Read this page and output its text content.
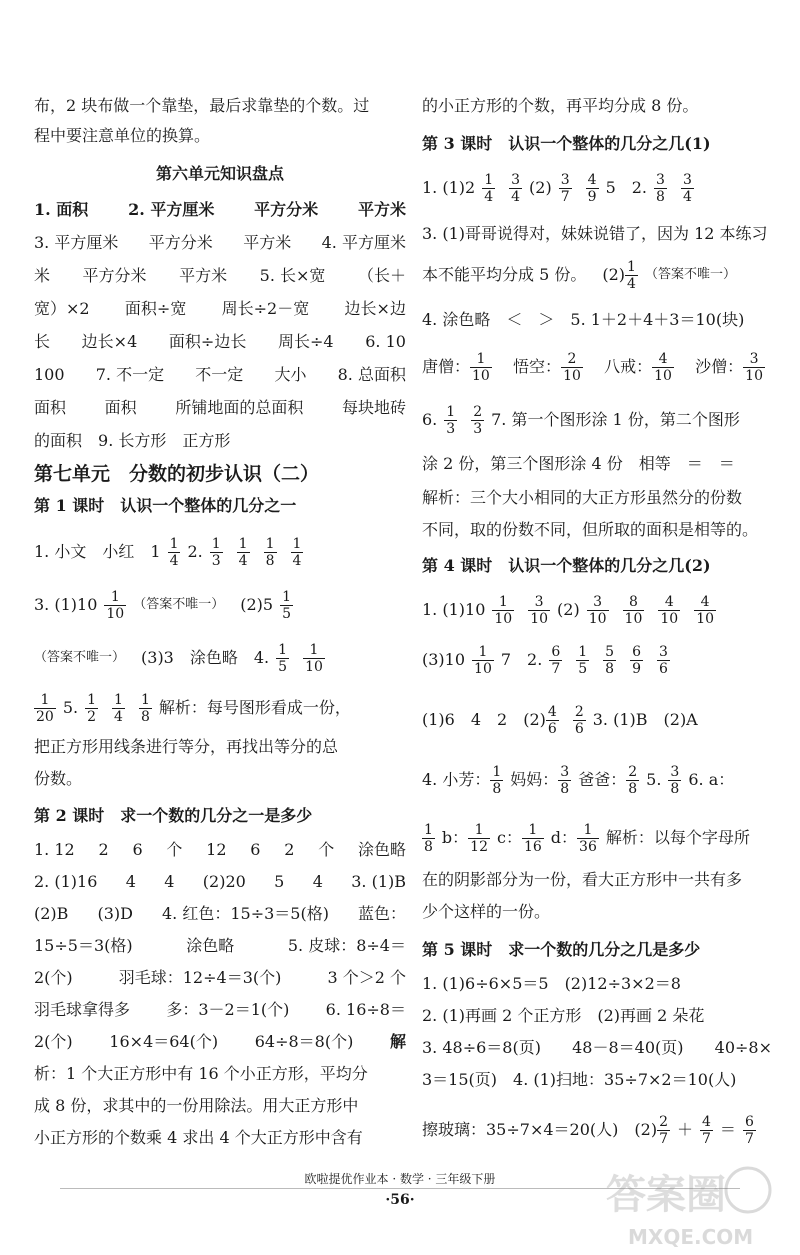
布，2 块布做一个靠垫，最后求靠垫的个数。过
程中要注意单位的换算。
第六单元知识盘点
1. 面积 2. 平方厘米 平方分米 平方米
3. 平方厘米 平方分米 平方米 4. 平方厘米
米 平方分米 平方米 5. 长×宽 （长＋
宽）×2 面积÷宽 周长÷2－宽 边长×边
长 边长×4 面积÷边长 周长÷4 6. 10
100 7. 不一定 不一定 大小 8. 总面积
面积 面积 所铺地面的总面积 每块地砖
的面积 9. 长方形 正方形
第七单元　分数的初步认识（二）
第 1 课时　认识一个整体的几分之一
1. 小文 小红 1 1
4 2. 1
3
1
4
1
8
1
4
3. (1)10 1
10
（答案不唯一） (2)5 1
5
（答案不唯一） (3)3 涂色略 4. 1
5
1
10
1
20 5. 1
2
1
4
1
8 解析：每号图形看成一份，
把正方形用线条进行等分，再找出等分的总
份数。
第 2 课时　求一个数的几分之一是多少
1. 12 2 6 个 12 6 2 个 涂色略
2. (1)16 4 4 (2)20 5 4 3. (1)B
(2)B (3)D 4. 红色：15÷3＝5(格) 蓝色：
15÷5＝3(格)	涂色略	5. 皮球：8÷4＝
2(个)	羽毛球：12÷4＝3(个)	3 个＞2 个
羽毛球拿得多 多：3－2＝1(个) 6. 16÷8＝
2(个) 16×4＝64(个) 64÷8＝8(个) 解
析：1 个大正方形中有 16 个小正方形，平均分
成 8 份，求其中的一份用除法。用大正方形中
小正方形的个数乘 4 求出 4 个大正方形中含有
的小正方形的个数，再平均分成 8 份。
第 3 课时　认识一个整体的几分之几(1)
1. (1)2 1
4
3
4 (2) 3
7
4
9 5 2. 3
8
3
4
3. (1)哥哥说得对，妹妹说错了，因为 12 本练习
本不能平均分成 5 份。 (2) 1
4
（答案不唯一）
4. 涂色略 ＜ ＞ 5. 1＋2＋4＋3＝10(块)
唐僧： $\frac{1}{10}$ 悟空： $\frac{2}{10}$ 八戒： $\frac{4}{10}$ 沙僧： $\frac{3}{10}$
6. 1
3
2
3 7. 第一个图形涂 1 份，第二个图形
涂 2 份，第三个图形涂 4 份 相等 ＝ ＝
解析：三个大小相同的大正方形虽然分的份数
不同，取的份数不同，但所取的面积是相等的。
第 4 课时　认识一个整体的几分之几(2)
1. (1)10 1
10
3
10 (2) 3
10
8
10
4
10
4
10
(3)10 1
10 7 2. 6
7
1
5
5
8
6
9
3
6
(1)6 4 2 (2) 4
6
2
6 3. (1)B (2)A
4. 小芳： 1
8 妈妈： 3
8 爸爸： 2
8 5. 3
8 6. a：
1
8 b： 1
12 c： 1
16 d： 1
36 解析：以每个字母所
在的阴影部分为一份，看大正方形中一共有多
少个这样的一份。
第 5 课时　求一个数的几分之几是多少
1. (1)6÷6×5＝5 (2)12÷3×2＝8
2. (1)再画 2 个正方形 (2)再画 2 朵花
3. 48÷6＝8(页) 48－8＝40(页) 40÷8×
3＝15(页) 4. (1)扫地：35÷7×2＝10(人)
擦玻璃：35÷7×4＝20(人) (2) 2
7 ＋ 4
7 ＝ 6
7
欧啦提优作业本 · 数学 · 三年级下册
·56·	答案圈
MXQE.COM
